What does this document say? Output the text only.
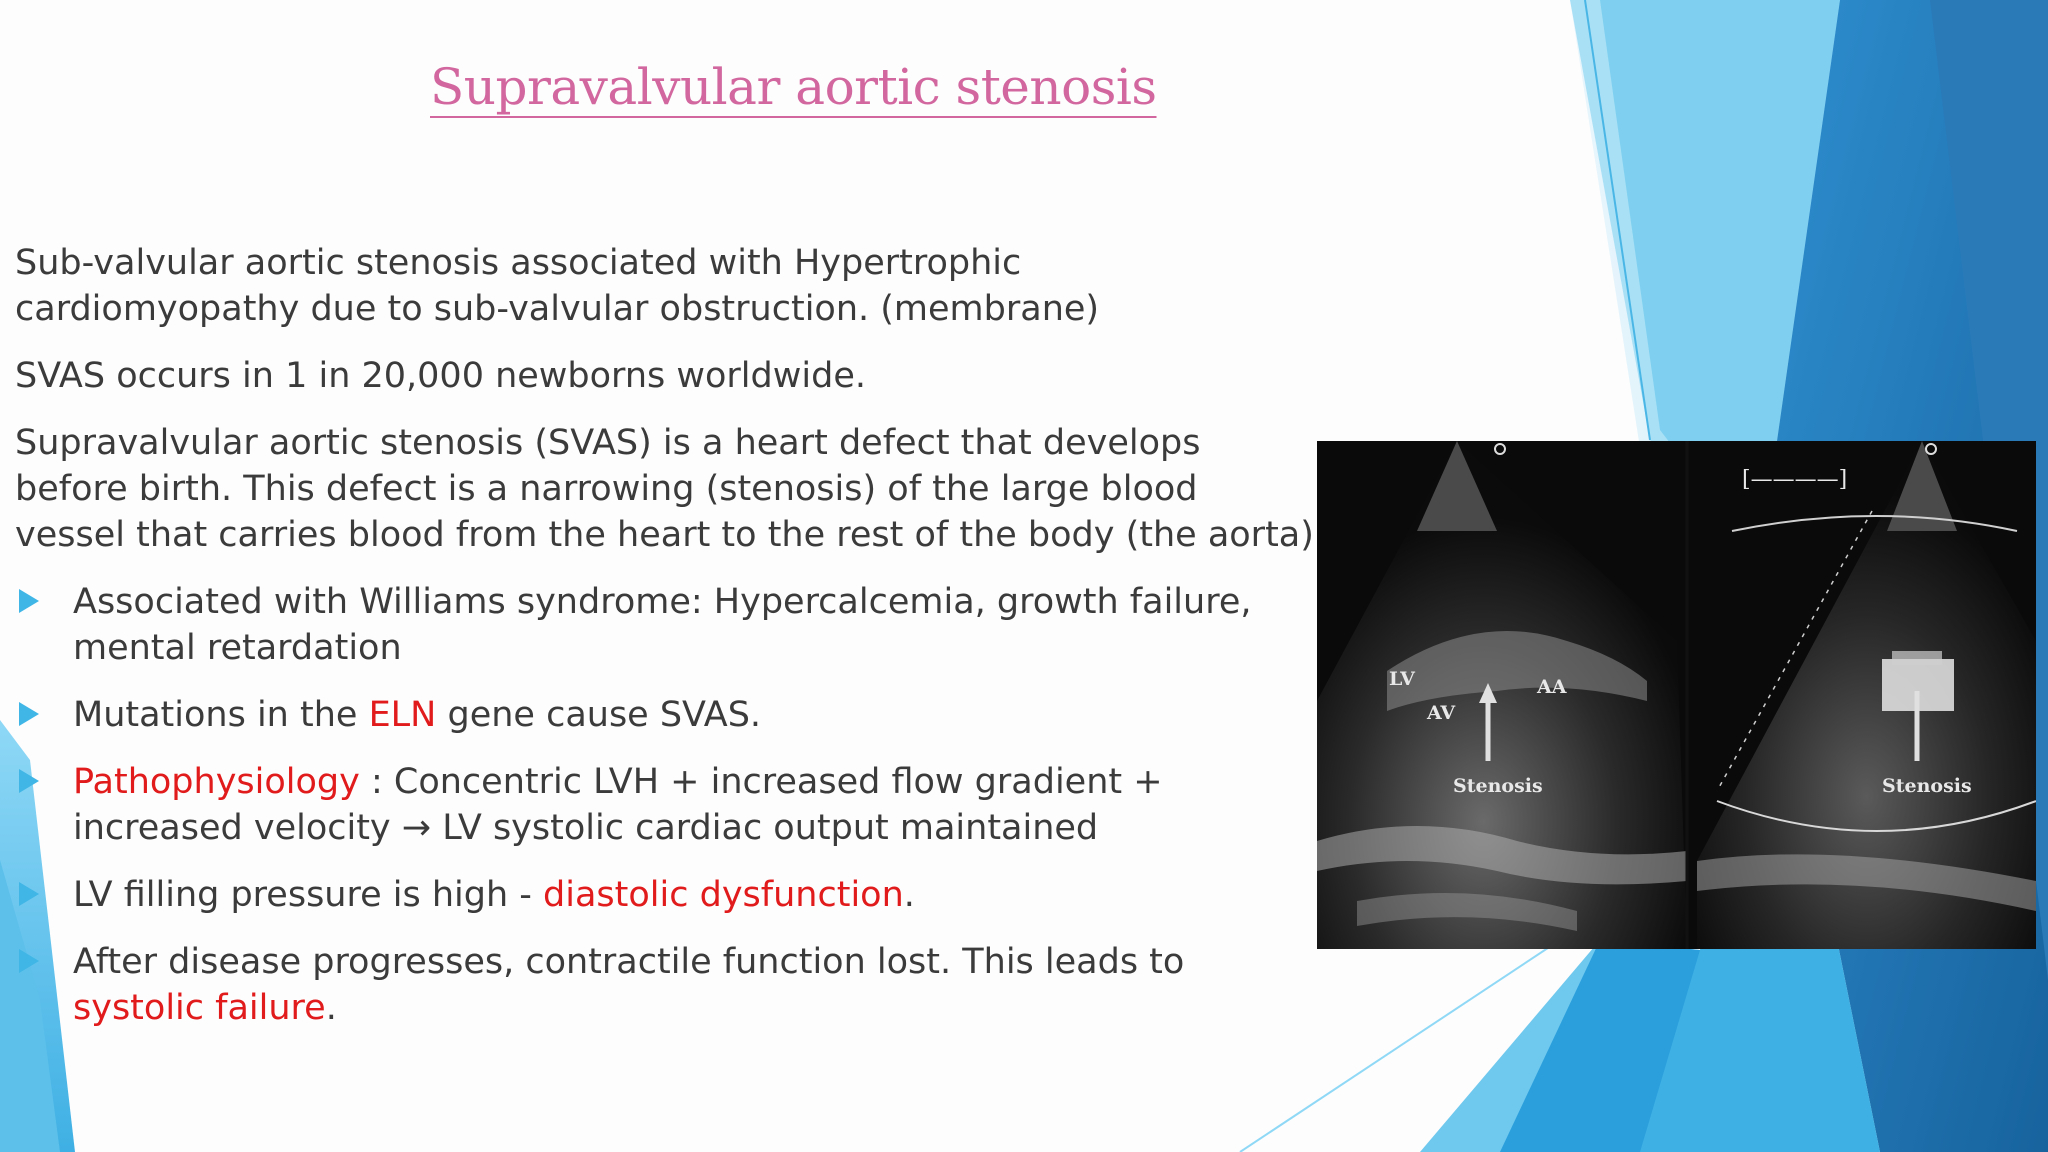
Supravalvular aortic stenosis

Sub-valvular aortic stenosis associated with Hypertrophic cardiomyopathy due to sub-valvular obstruction. (membrane)

SVAS occurs in 1 in 20,000 newborns worldwide.

Supravalvular aortic stenosis (SVAS) is a heart defect that develops before birth. This defect is a narrowing (stenosis) of the large blood vessel that carries blood from the heart to the rest of the body (the aorta)

Associated with Williams syndrome: Hypercalcemia, growth failure, mental retardation
Mutations in the ELN gene cause SVAS.
Pathophysiology : Concentric LVH + increased flow gradient + increased velocity → LV systolic cardiac output maintained
LV filling pressure is high - diastolic dysfunction.
After disease progresses, contractile function lost. This leads to systolic failure.
LV
AV
AA
Stenosis	Stenosis
[————]
